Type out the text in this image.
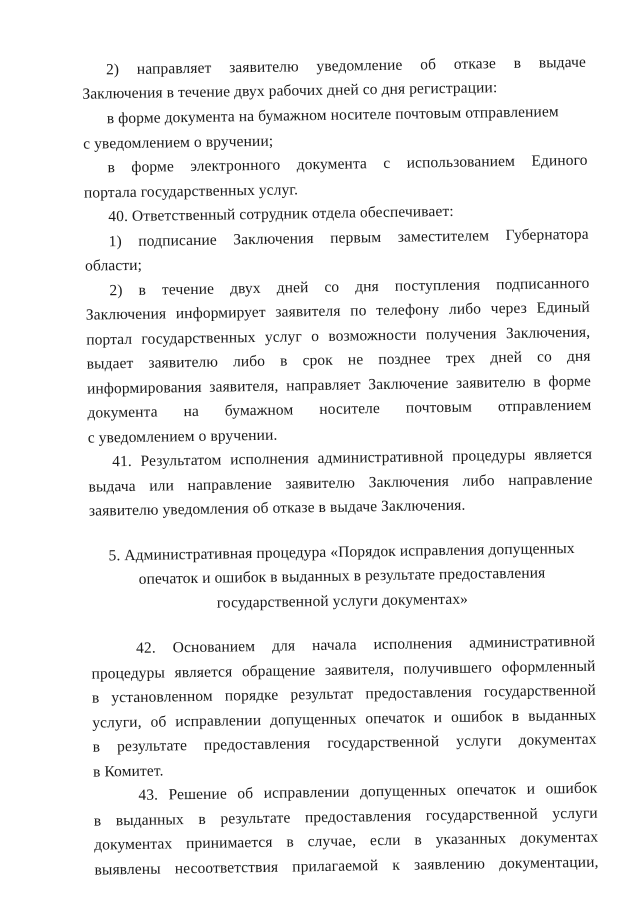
2) направляет заявителю уведомление об отказе в выдаче
Заключения в течение двух рабочих дней со дня регистрации:
в форме документа на бумажном носителе почтовым отправлением
с уведомлением о вручении;
в форме электронного документа с использованием Единого
портала государственных услуг.
40. Ответственный сотрудник отдела обеспечивает:
1) подписание Заключения первым заместителем Губернатора
области;
2) в течение двух дней со дня поступления подписанного
Заключения информирует заявителя по телефону либо через Единый
портал государственных услуг о возможности получения Заключения,
выдает заявителю либо в срок не позднее трех дней со дня
информирования заявителя, направляет Заключение заявителю в форме
документа на бумажном носителе почтовым отправлением
с уведомлением о вручении.
41. Результатом исполнения административной процедуры является
выдача или направление заявителю Заключения либо направление
заявителю уведомления об отказе в выдаче Заключения.
5. Административная процедура «Порядок исправления допущенных
опечаток и ошибок в выданных в результате предоставления
государственной услуги документах»
42. Основанием для начала исполнения административной
процедуры является обращение заявителя, получившего оформленный
в установленном порядке результат предоставления государственной
услуги, об исправлении допущенных опечаток и ошибок в выданных
в результате предоставления государственной услуги документах
в Комитет.
43. Решение об исправлении допущенных опечаток и ошибок
в выданных в результате предоставления государственной услуги
документах принимается в случае, если в указанных документах
выявлены несоответствия прилагаемой к заявлению документации,
